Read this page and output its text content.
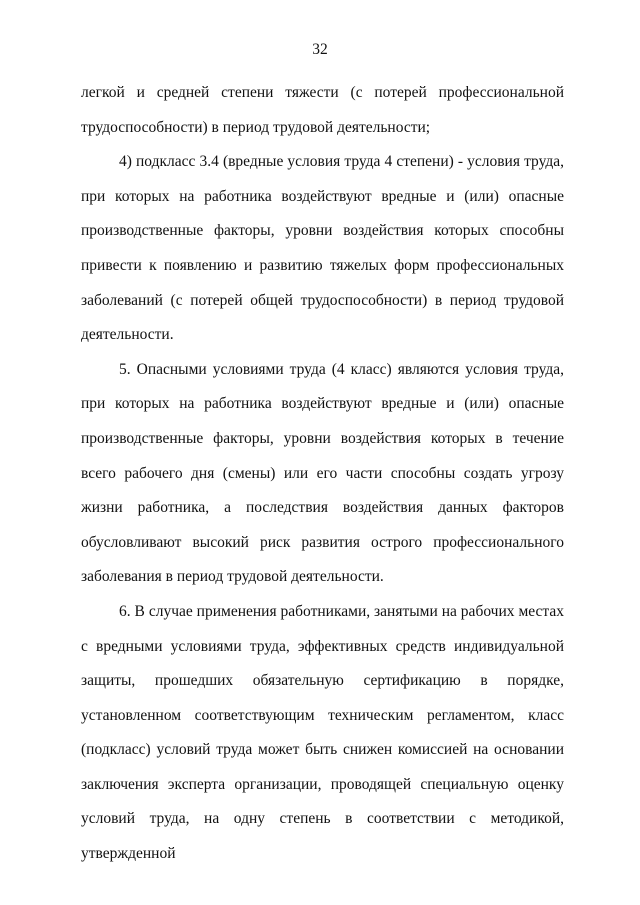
32

легкой и средней степени тяжести (с потерей профессиональной трудоспособности) в период трудовой деятельности;

4) подкласс 3.4 (вредные условия труда 4 степени) - условия труда, при которых на работника воздействуют вредные и (или) опасные производственные факторы, уровни воздействия которых способны привести к появлению и развитию тяжелых форм профессиональных заболеваний (с потерей общей трудоспособности) в период трудовой деятельности.

5. Опасными условиями труда (4 класс) являются условия труда, при которых на работника воздействуют вредные и (или) опасные производственные факторы, уровни воздействия которых в течение всего рабочего дня (смены) или его части способны создать угрозу жизни работника, а последствия воздействия данных факторов обусловливают высокий риск развития острого профессионального заболевания в период трудовой деятельности.

6. В случае применения работниками, занятыми на рабочих местах с вредными условиями труда, эффективных средств индивидуальной защиты, прошедших обязательную сертификацию в порядке, установленном соответствующим техническим регламентом, класс (подкласс) условий труда может быть снижен комиссией на основании заключения эксперта организации, проводящей специальную оценку условий труда, на одну степень в соответствии с методикой, утвержденной
